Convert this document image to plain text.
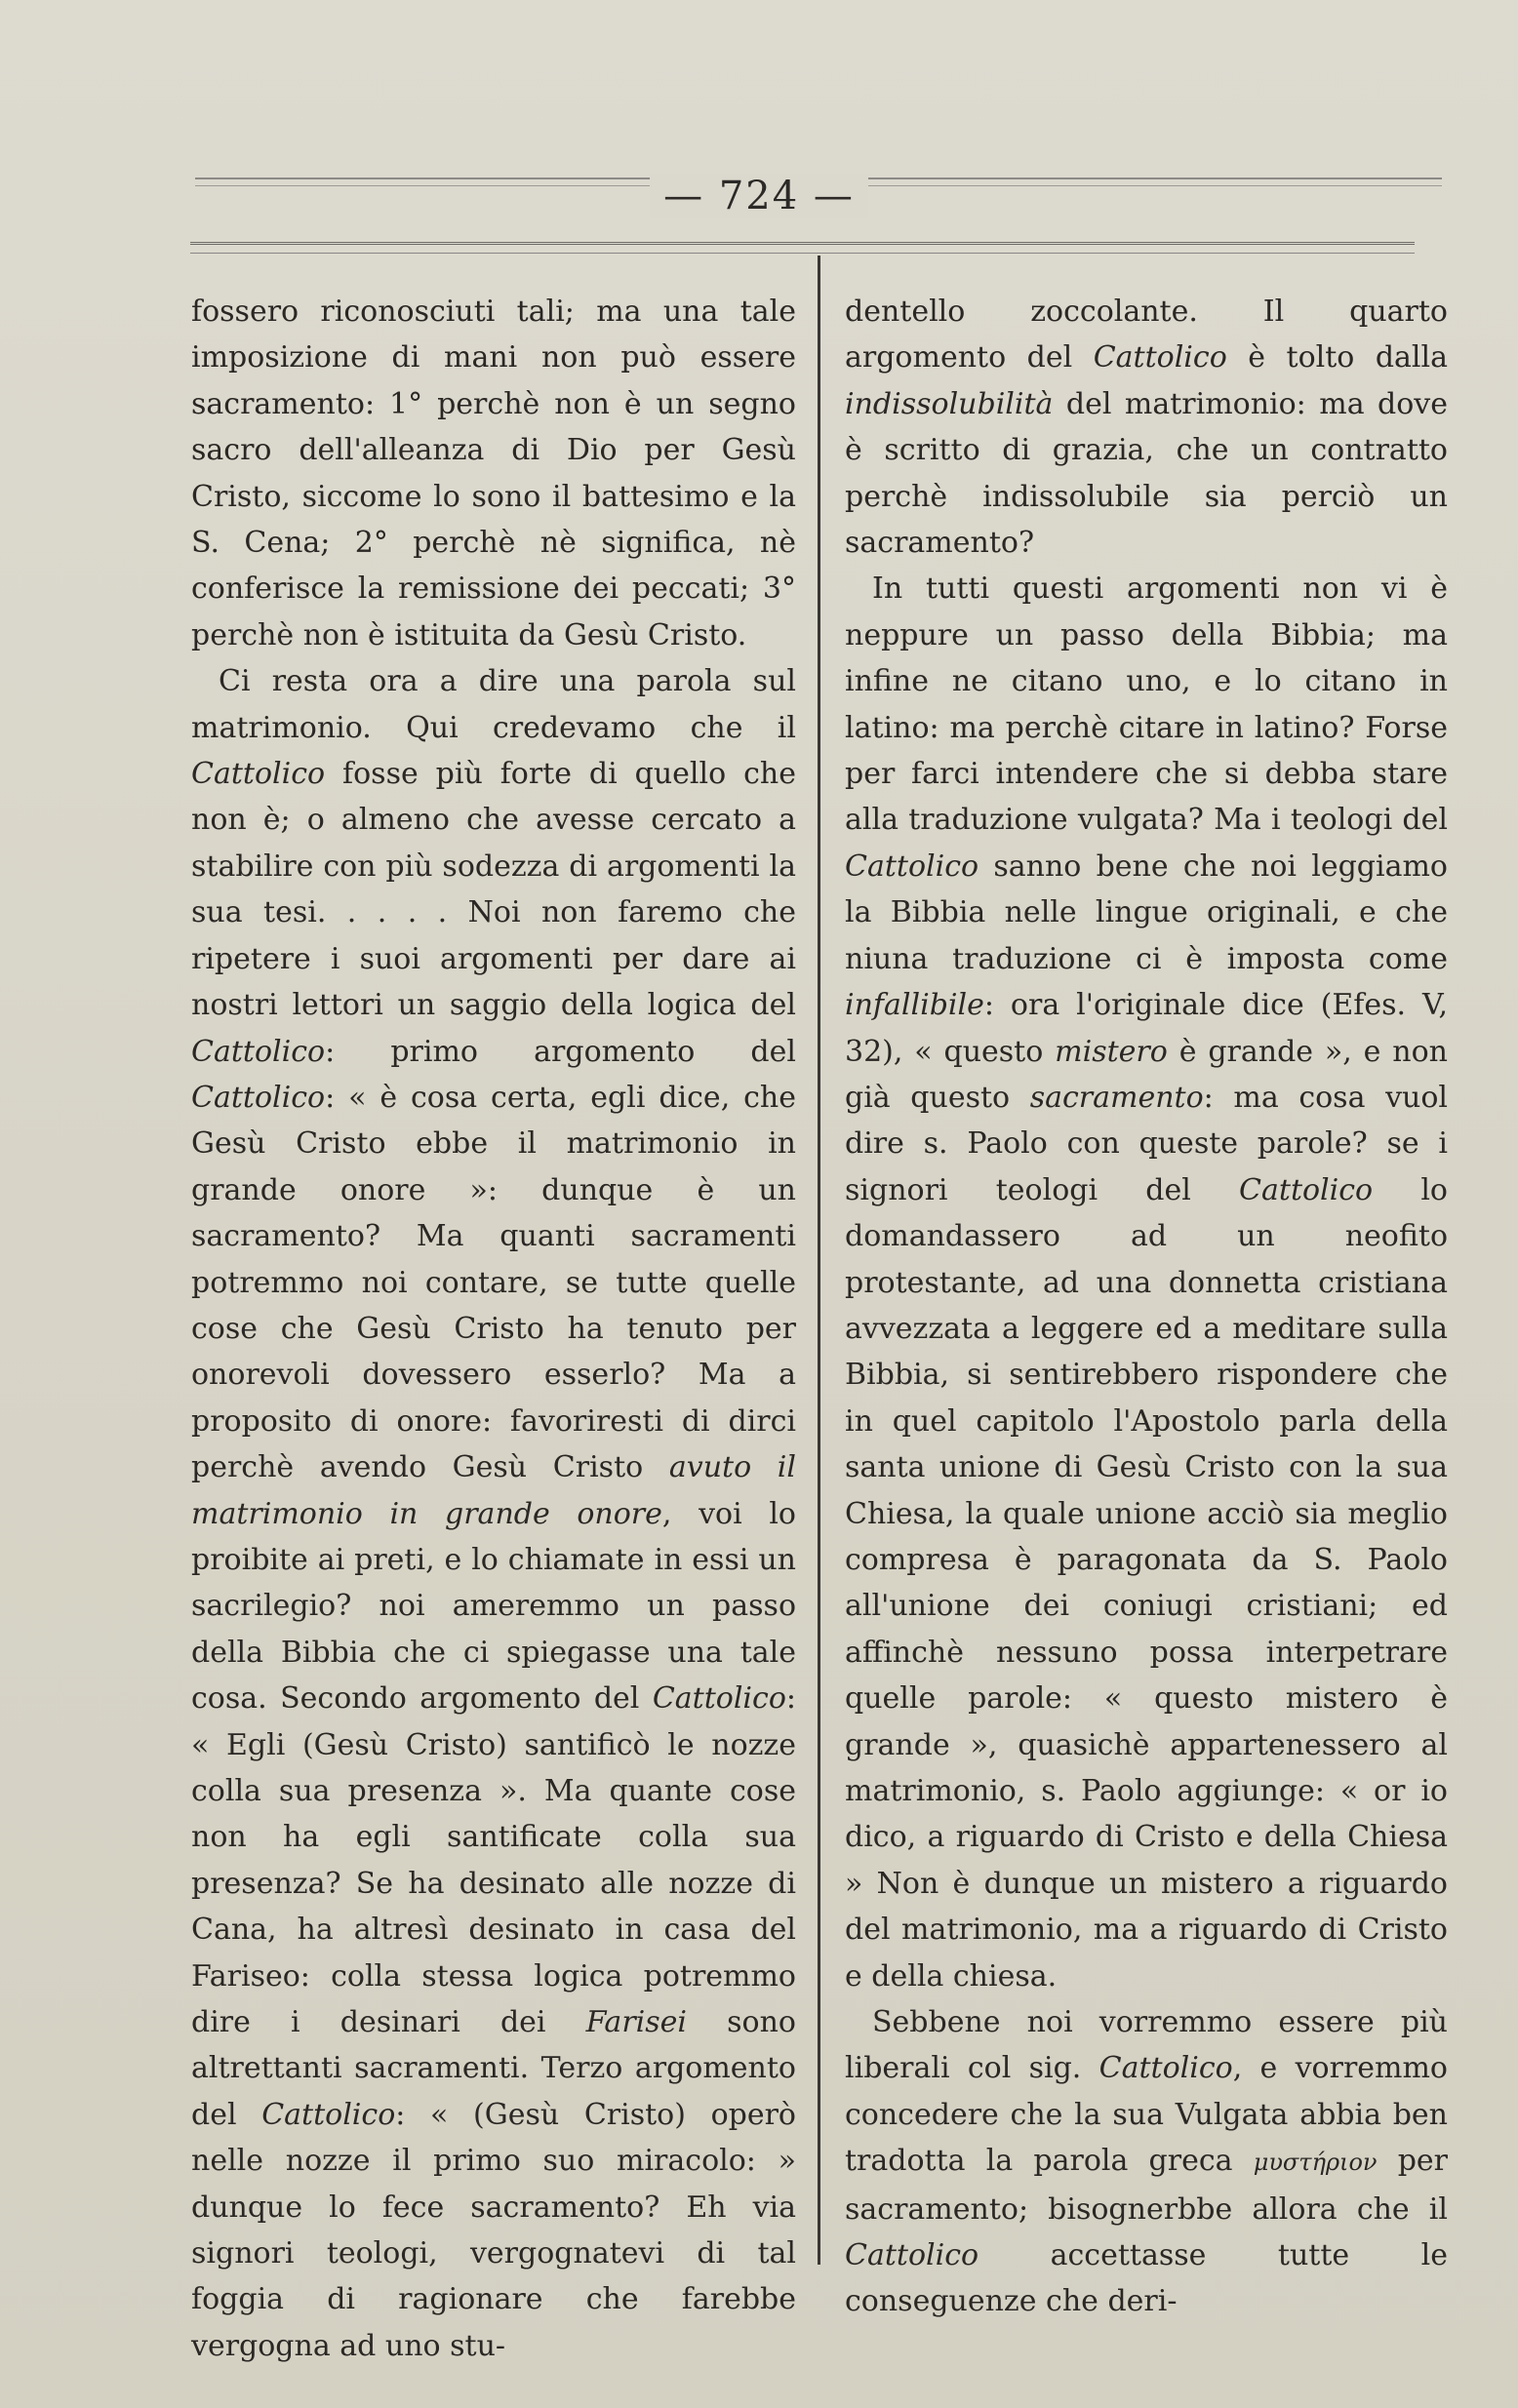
— 724 —

fossero riconosciuti tali; ma una tale imposizione di mani non può essere sacramento: 1° perchè non è un segno sacro dell'alleanza di Dio per Gesù Cristo, siccome lo sono il battesimo e la S. Cena; 2° perchè nè significa, nè conferisce la remissione dei peccati; 3° perchè non è istituita da Gesù Cristo.

Ci resta ora a dire una parola sul matrimonio. Qui credevamo che il Cattolico fosse più forte di quello che non è; o almeno che avesse cercato a stabilire con più sodezza di argomenti la sua tesi. . . . . Noi non faremo che ripetere i suoi argomenti per dare ai nostri lettori un saggio della logica del Cattolico: primo argomento del Cattolico: « è cosa certa, egli dice, che Gesù Cristo ebbe il matrimonio in grande onore »: dunque è un sacramento? Ma quanti sacramenti potremmo noi contare, se tutte quelle cose che Gesù Cristo ha tenuto per onorevoli dovessero esserlo? Ma a proposito di onore: favoriresti di dirci perchè avendo Gesù Cristo avuto il matrimonio in grande onore, voi lo proibite ai preti, e lo chiamate in essi un sacrilegio? noi ameremmo un passo della Bibbia che ci spiegasse una tale cosa. Secondo argomento del Cattolico: « Egli (Gesù Cristo) santificò le nozze colla sua presenza ». Ma quante cose non ha egli santificate colla sua presenza? Se ha desinato alle nozze di Cana, ha altresì desinato in casa del Fariseo: colla stessa logica potremmo dire i desinari dei Farisei sono altrettanti sacramenti. Terzo argomento del Cattolico: « (Gesù Cristo) operò nelle nozze il primo suo miracolo: » dunque lo fece sacramento? Eh via signori teologi, vergognatevi di tal foggia di ragionare che farebbe vergogna ad uno stu-

dentello zoccolante. Il quarto argomento del Cattolico è tolto dalla indissolubilità del matrimonio: ma dove è scritto di grazia, che un contratto perchè indissolubile sia perciò un sacramento?

In tutti questi argomenti non vi è neppure un passo della Bibbia; ma infine ne citano uno, e lo citano in latino: ma perchè citare in latino? Forse per farci intendere che si debba stare alla traduzione vulgata? Ma i teologi del Cattolico sanno bene che noi leggiamo la Bibbia nelle lingue originali, e che niuna traduzione ci è imposta come infallibile: ora l'originale dice (Efes. V, 32), « questo mistero è grande », e non già questo sacramento: ma cosa vuol dire s. Paolo con queste parole? se i signori teologi del Cattolico lo domandassero ad un neofito protestante, ad una donnetta cristiana avvezzata a leggere ed a meditare sulla Bibbia, si sentirebbero rispondere che in quel capitolo l'Apostolo parla della santa unione di Gesù Cristo con la sua Chiesa, la quale unione acciò sia meglio compresa è paragonata da S. Paolo all'unione dei coniugi cristiani; ed affinchè nessuno possa interpetrare quelle parole: « questo mistero è grande », quasichè appartenessero al matrimonio, s. Paolo aggiunge: « or io dico, a riguardo di Cristo e della Chiesa » Non è dunque un mistero a riguardo del matrimonio, ma a riguardo di Cristo e della chiesa.

Sebbene noi vorremmo essere più liberali col sig. Cattolico, e vorremmo concedere che la sua Vulgata abbia ben tradotta la parola greca μυστήριον per sacramento; bisognerbbe allora che il Cattolico accettasse tutte le conseguenze che deri-
